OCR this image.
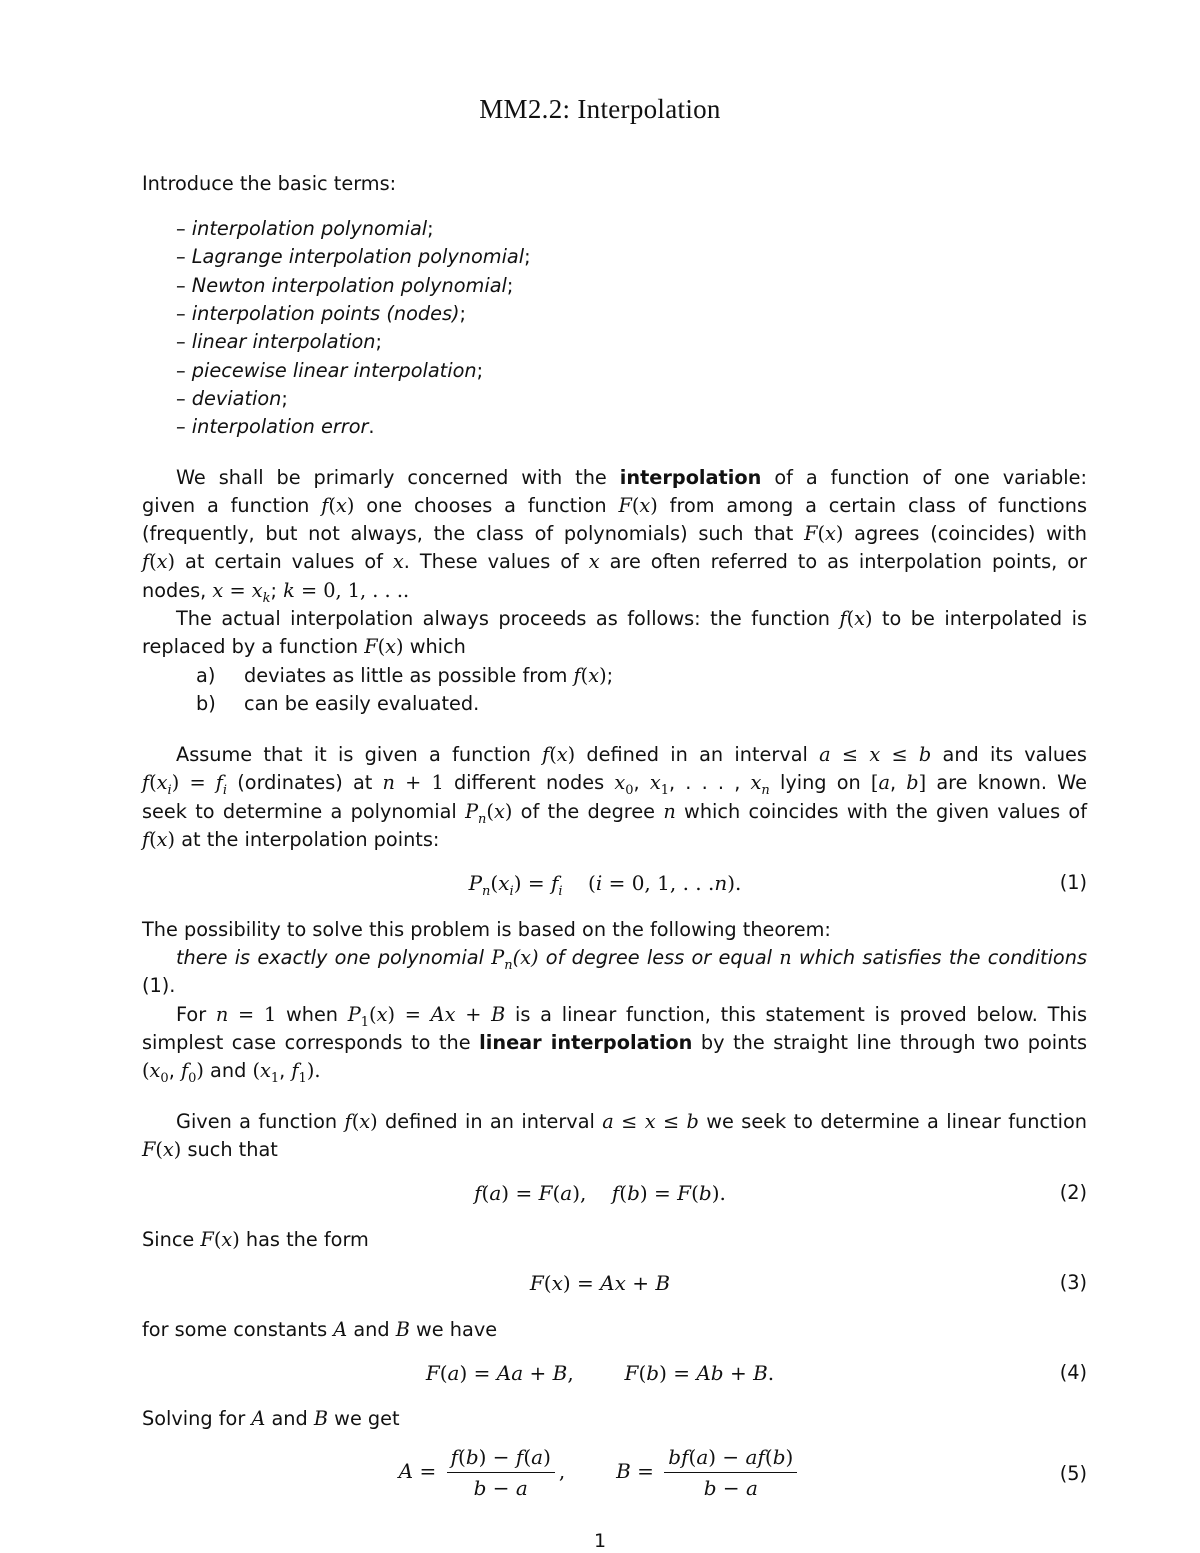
MM2.2: Interpolation
Introduce the basic terms:
– interpolation polynomial;
– Lagrange interpolation polynomial;
– Newton interpolation polynomial;
– interpolation points (nodes);
– linear interpolation;
– piecewise linear interpolation;
– deviation;
– interpolation error.
We shall be primarly concerned with the interpolation of a function of one variable:
given a function f(x) one chooses a function F(x) from among a certain class of functions
(frequently, but not always, the class of polynomials) such that F(x) agrees (coincides) with
f(x) at certain values of x. These values of x are often referred to as interpolation points, or
nodes, $x = x_k$; k = 0, 1, . . ..
The actual interpolation always proceeds as follows: the function f(x) to be interpolated is
replaced by a function F(x) which
a)	deviates as little as possible from f(x);
b)	can be easily evaluated.
Assume that it is given a function f(x) defined in an interval a ≤ x ≤ b and its values
$f(x_i) = f_i$ (ordinates) at n + 1 different nodes $x_0$, $x_1$, . . . , $x_n$ lying on [a, b] are known. We
seek to determine a polynomial $P_n(x)$ of the degree n which coincides with the given values of
f(x) at the interpolation points:
$P_n(x_i) = f_i$ (i = 0, 1, . . .n).	(1)
The possibility to solve this problem is based on the following theorem:
there is exactly one polynomial $P_n(x)$ of degree less or equal n which satisfies the conditions
(1).
For n = 1 when $P_1(x) = Ax + B$ is a linear function, this statement is proved below. This
simplest case corresponds to the linear interpolation by the straight line through two points
($x_0$, $f_0$) and ($x_1$, $f_1$).
Given a function f(x) defined in an interval a ≤ x ≤ b we seek to determine a linear function
F(x) such that
f(a) = F(a), f(b) = F(b).	(2)
Since F(x) has the form
F(x) = Ax + B	(3)
for some constants A and B we have
F(a) = Aa + B,	F(b) = Ab + B.	(4)
Solving for A and B we get
$A = \frac{f(b) - f(a)}{b - a}$ ,	$B = \frac{bf(a) - af(b)}{b - a}$	(5)
1
